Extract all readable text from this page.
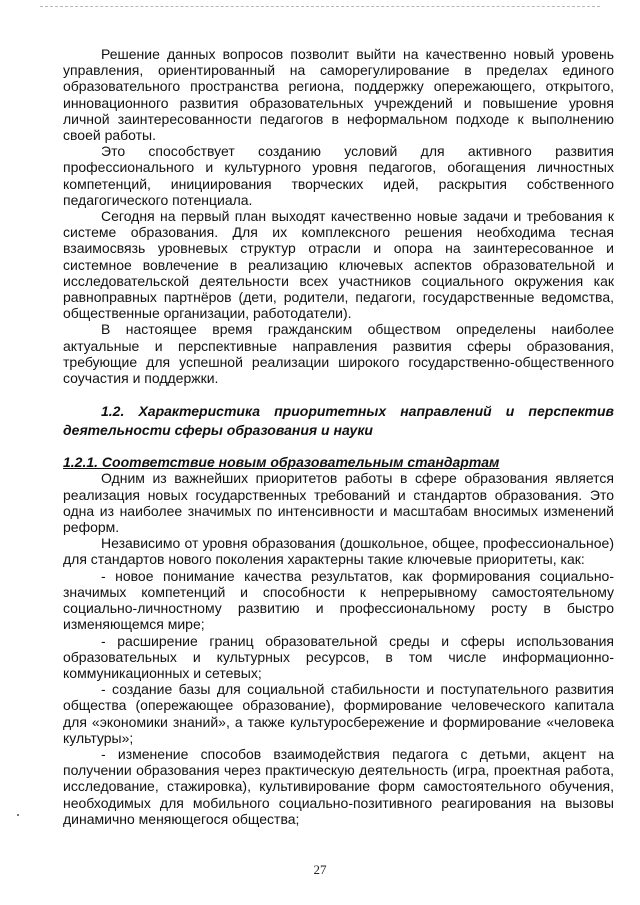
Решение данных вопросов позволит выйти на качественно новый уровень управления, ориентированный на саморегулирование в пределах единого образовательного пространства региона, поддержку опережающего, открытого, инновационного развития образовательных учреждений и повышение уровня личной заинтересованности педагогов в неформальном подходе к выполнению своей работы.

Это способствует созданию условий для активного развития профессионального и культурного уровня педагогов, обогащения личностных компетенций, инициирования творческих идей, раскрытия собственного педагогического потенциала.

Сегодня на первый план выходят качественно новые задачи и требования к системе образования. Для их комплексного решения необходима тесная взаимосвязь уровневых структур отрасли и опора на заинтересованное и системное вовлечение в реализацию ключевых аспектов образовательной и исследовательской деятельности всех участников социального окружения как равноправных партнёров (дети, родители, педагоги, государственные ведомства, общественные организации, работодатели).

В настоящее время гражданским обществом определены наиболее актуальные и перспективные направления развития сферы образования, требующие для успешной реализации широкого государственно-общественного соучастия и поддержки.

1.2. Характеристика приоритетных направлений и перспектив деятельности сферы образования и науки

1.2.1. Соответствие новым образовательным стандартам

Одним из важнейших приоритетов работы в сфере образования является реализация новых государственных требований и стандартов образования. Это одна из наиболее значимых по интенсивности и масштабам вносимых изменений реформ.

Независимо от уровня образования (дошкольное, общее, профессиональное) для стандартов нового поколения характерны такие ключевые приоритеты, как:

- новое понимание качества результатов, как формирования социально-значимых компетенций и способности к непрерывному самостоятельному социально-личностному развитию и профессиональному росту в быстро изменяющемся мире;

- расширение границ образовательной среды и сферы использования образовательных и культурных ресурсов, в том числе информационно-коммуникационных и сетевых;

- создание базы для социальной стабильности и поступательного развития общества (опережающее образование), формирование человеческого капитала для «экономики знаний», а также культуросбережение и формирование «человека культуры»;

- изменение способов взаимодействия педагога с детьми, акцент на получении образования через практическую деятельность (игра, проектная работа, исследование, стажировка), культивирование форм самостоятельного обучения, необходимых для мобильного социально-позитивного реагирования на вызовы динамично меняющегося общества;

27
